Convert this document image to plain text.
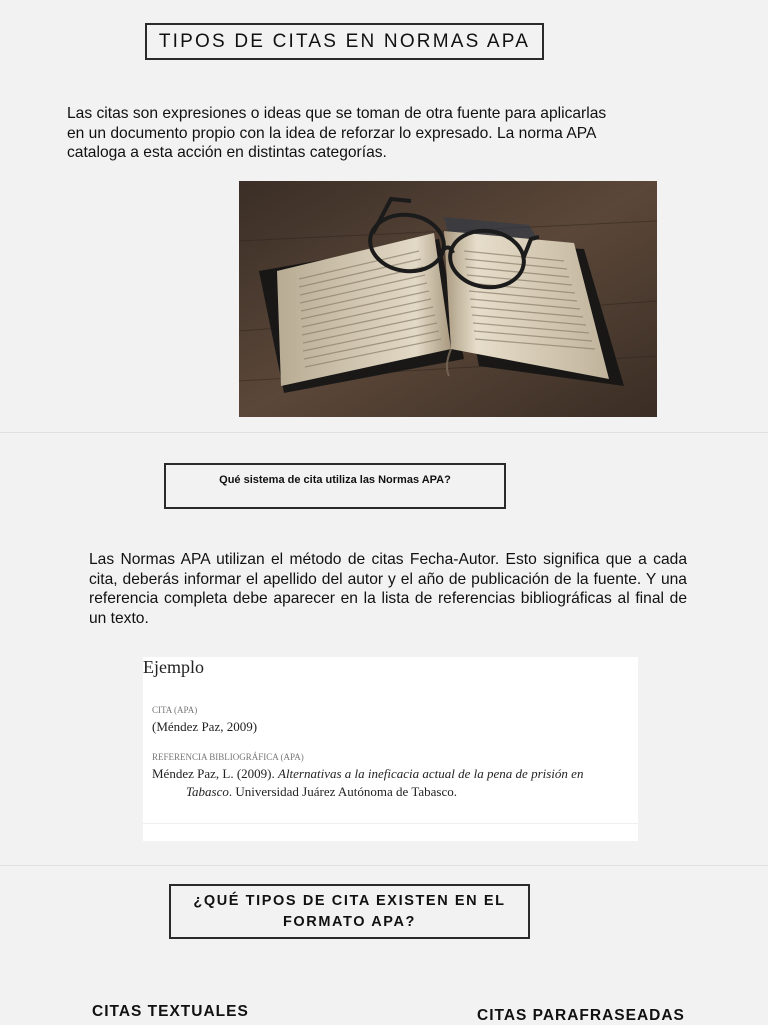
TIPOS DE CITAS EN NORMAS APA
Las citas son expresiones o ideas que se toman de otra fuente para aplicarlas en un documento propio con la idea de reforzar lo expresado. La norma APA cataloga a esta acción en distintas categorías.
Qué sistema de cita utiliza las Normas APA?
Las Normas APA utilizan el método de citas Fecha-Autor. Esto significa que a cada cita, deberás informar el apellido del autor y el año de publicación de la fuente. Y una referencia completa debe aparecer en la lista de referencias bibliográficas al final de un texto.
Ejemplo
CITA (APA)
(Méndez Paz, 2009)
REFERENCIA BIBLIOGRÁFICA (APA)
Méndez Paz, L. (2009). Alternativas a la ineficacia actual de la pena de prisión en
Tabasco. Universidad Juárez Autónoma de Tabasco.
¿QUÉ TIPOS DE CITA EXISTEN EN EL
FORMATO APA?
CITAS TEXTUALES	CITAS PARAFRASEADAS
